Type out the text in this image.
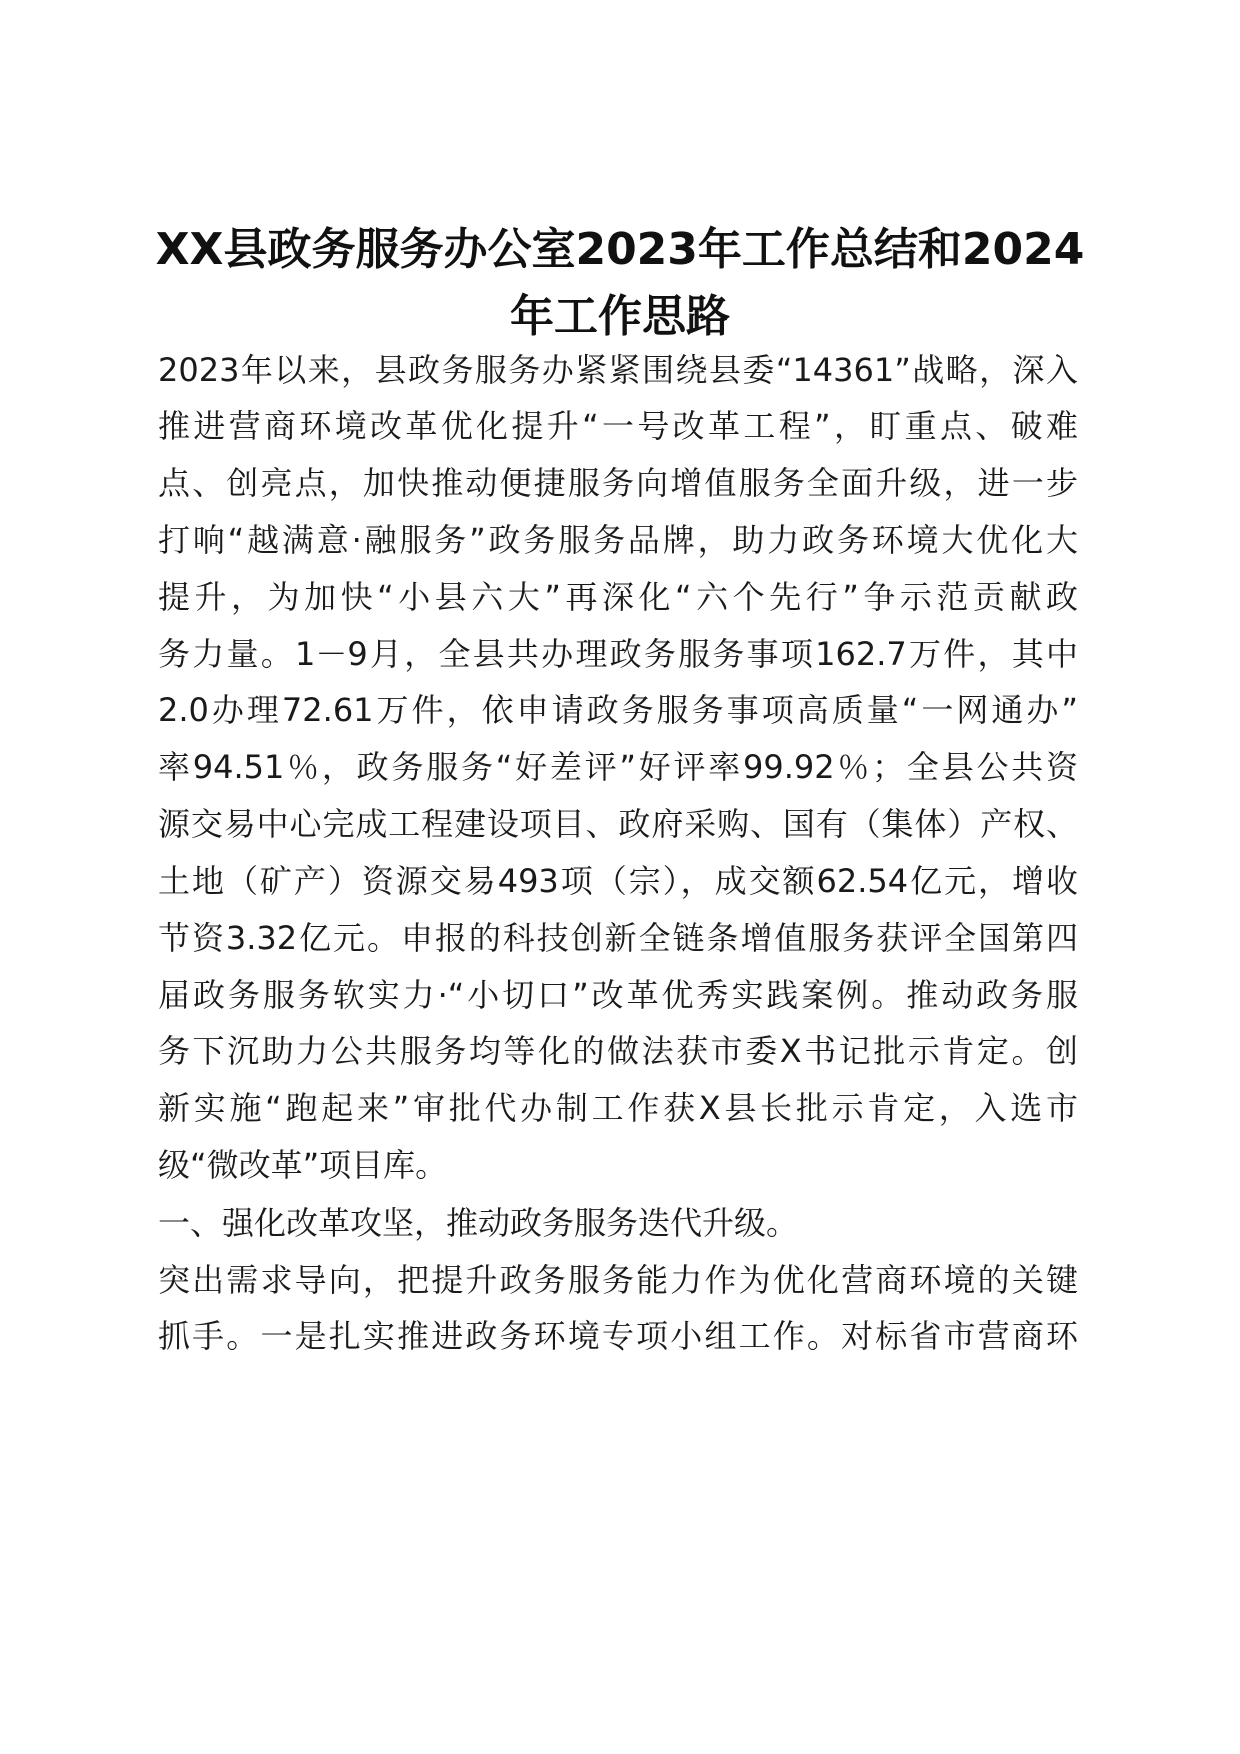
XX县政务服务办公室2023年工作总结和2024
年工作思路

2023年以来，县政务服务办紧紧围绕县委“14361”战略，深入

推进营商环境改革优化提升“一号改革工程”，盯重点、破难

点、创亮点，加快推动便捷服务向增值服务全面升级，进一步

打响“越满意·融服务”政务服务品牌，助力政务环境大优化大

提升，为加快“小县六大”再深化“六个先行”争示范贡献政

务力量。1－9月，全县共办理政务服务事项162.7万件，其中

2.0办理72.61万件，依申请政务服务事项高质量“一网通办”

率94.51％，政务服务“好差评”好评率99.92％；全县公共资

源交易中心完成工程建设项目、政府采购、国有（集体）产权、

土地（矿产）资源交易493项（宗），成交额62.54亿元，增收

节资3.32亿元。申报的科技创新全链条增值服务获评全国第四

届政务服务软实力·“小切口”改革优秀实践案例。推动政务服

务下沉助力公共服务均等化的做法获市委X书记批示肯定。创

新实施“跑起来”审批代办制工作获X县长批示肯定，入选市

级“微改革”项目库。

一、强化改革攻坚，推动政务服务迭代升级。

突出需求导向，把提升政务服务能力作为优化营商环境的关键

抓手。一是扎实推进政务环境专项小组工作。对标省市营商环
